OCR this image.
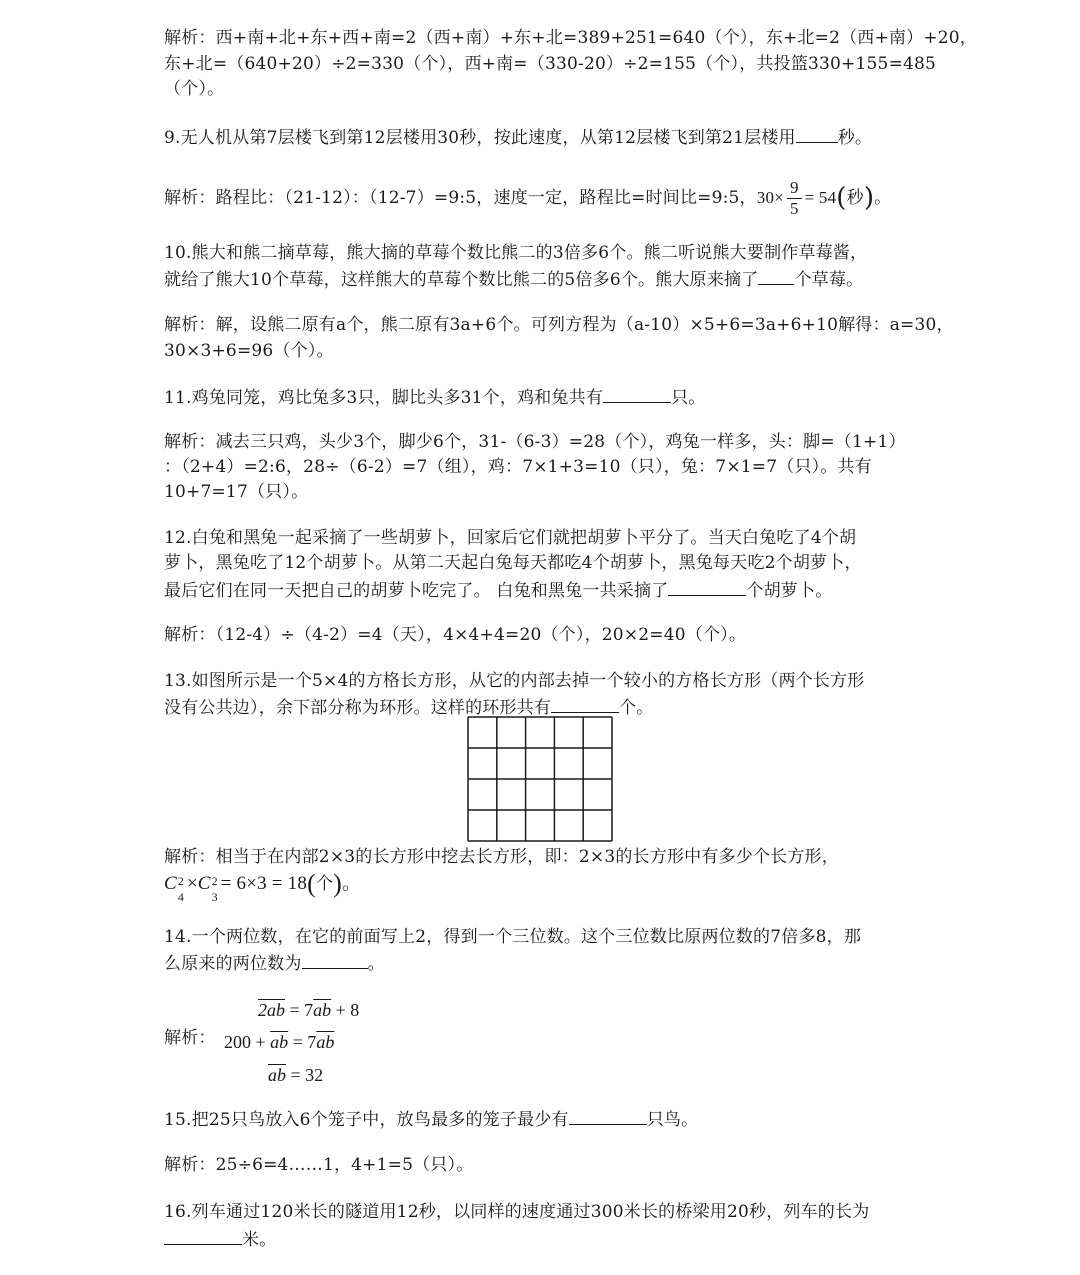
解析：西+南+北+东+西+南=2（西+南）+东+北=389+251=640（个），东+北=2（西+南）+20，
东+北=（640+20）÷2=330（个），西+南=（330-20）÷2=155（个），共投篮330+155=485
（个）。
9.无人机从第7层楼飞到第12层楼用30秒，按此速度，从第12层楼飞到第21层楼用 秒。
解析：路程比：（21-12）：（12-7）=9:5，速度一定，路程比=时间比=9:5，$30\times \frac{9}{5} = 54$(秒)。
10.熊大和熊二摘草莓，熊大摘的草莓个数比熊二的3倍多6个。熊二听说熊大要制作草莓酱，
就给了熊大10个草莓，这样熊大的草莓个数比熊二的5倍多6个。熊大原来摘了 个草莓。
解析：解，设熊二原有a个，熊二原有3a+6个。可列方程为（a-10）×5+6=3a+6+10解得：a=30，
30×3+6=96（个）。
11.鸡兔同笼，鸡比兔多3只，脚比头多31个，鸡和兔共有	只。
解析：减去三只鸡，头少3个，脚少6个，31-（6-3）=28（个），鸡兔一样多，头：脚=（1+1）
：（2+4）=2:6，28÷（6-2）=7（组），鸡：7×1+3=10（只），兔：7×1=7（只）。共有
10+7=17（只）。
12.白兔和黑兔一起采摘了一些胡萝卜，回家后它们就把胡萝卜平分了。当天白兔吃了4个胡
萝卜，黑兔吃了12个胡萝卜。从第二天起白兔每天都吃4个胡萝卜，黑兔每天吃2个胡萝卜，
最后它们在同一天把自己的胡萝卜吃完了。 白兔和黑兔一共采摘了	个胡萝卜。
解析：（12-4）÷（4-2）=4（天），4×4+4=20（个），20×2=40（个）。
13.如图所示是一个5×4的方格长方形，从它的内部去掉一个较小的方格长方形（两个长方形
没有公共边），余下部分称为环形。这样的环形共有	个。
解析：相当于在内部2×3的长方形中挖去长方形，即：2×3的长方形中有多少个长方形，
C 2
4
×C 2
3
= 6×3 = 18(个)。
14.一个两位数，在它的前面写上2，得到一个三位数。这个三位数比原两位数的7倍多8，那
么原来的两位数为	。
解析：
$2ab = 7\overline{ab} + 8$
$200 + \overline{ab} = 7\overline{ab}$
$\overline{ab} = 32$
15.把25只鸟放入6个笼子中，放鸟最多的笼子最少有	只鸟。
解析：25÷6=4……1，4+1=5（只）。
16.列车通过120米长的隧道用12秒，以同样的速度通过300米长的桥梁用20秒，列车的长为
米。
